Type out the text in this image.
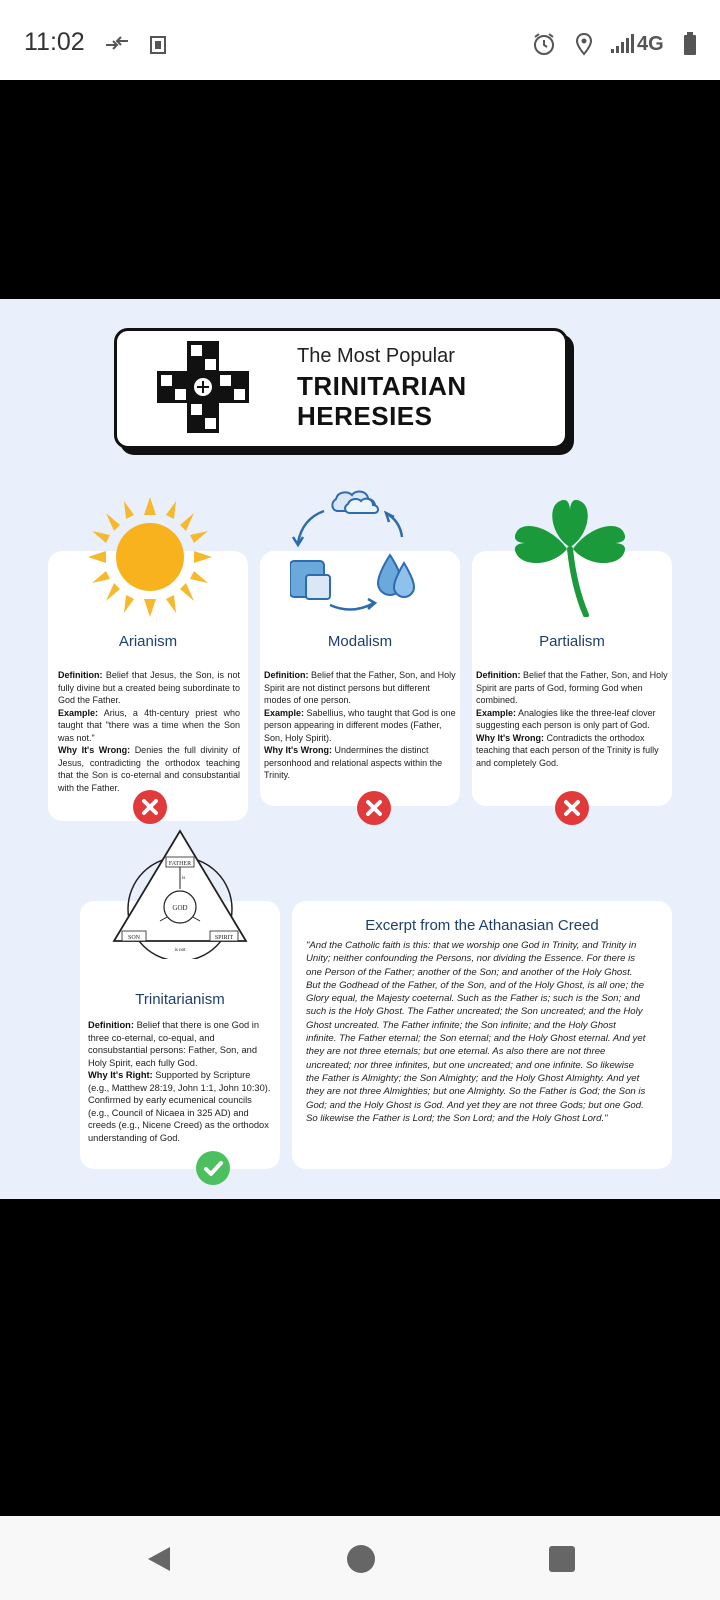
11:02	4G
The Most Popular
TRINITARIAN
HERESIES
Arianism
Definition: Belief that Jesus, the Son, is not fully divine but a created being subordinate to God the Father.
Example: Arius, a 4th-century priest who taught that "there was a time when the Son was not."
Why It's Wrong: Denies the full divinity of Jesus, contradicting the orthodox teaching that the Son is co-eternal and consubstantial with the Father.
Modalism
Definition: Belief that the Father, Son, and Holy Spirit are not distinct persons but different modes of one person.
Example: Sabellius, who taught that God is one person appearing in different modes (Father, Son, Holy Spirit).
Why It's Wrong: Undermines the distinct personhood and relational aspects within the Trinity.
Partialism
Definition: Belief that the Father, Son, and Holy Spirit are parts of God, forming God when combined.
Example: Analogies like the three-leaf clover suggesting each person is only part of God.
Why It's Wrong: Contradicts the orthodox teaching that each person of the Trinity is fully and completely God.
Trinitarianism
Definition: Belief that there is one God in three co-eternal, co-equal, and consubstantial persons: Father, Son, and Holy Spirit, each fully God.
Why It's Right: Supported by Scripture (e.g., Matthew 28:19, John 1:1, John 10:30). Confirmed by early ecumenical councils (e.g., Council of Nicaea in 325 AD) and creeds (e.g., Nicene Creed) as the orthodox understanding of God.
FATHER
SON	SPIRIT
GOD
is
is not
Excerpt from the Athanasian Creed
"And the Catholic faith is this: that we worship one God in Trinity, and Trinity in Unity; neither confounding the Persons, nor dividing the Essence. For there is one Person of the Father; another of the Son; and another of the Holy Ghost. But the Godhead of the Father, of the Son, and of the Holy Ghost, is all one; the Glory equal, the Majesty coeternal. Such as the Father is; such is the Son; and such is the Holy Ghost. The Father uncreated; the Son uncreated; and the Holy Ghost uncreated. The Father infinite; the Son infinite; and the Holy Ghost infinite. The Father eternal; the Son eternal; and the Holy Ghost eternal. And yet they are not three eternals; but one eternal. As also there are not three uncreated; nor three infinites, but one uncreated; and one infinite. So likewise the Father is Almighty; the Son Almighty; and the Holy Ghost Almighty. And yet they are not three Almighties; but one Almighty. So the Father is God; the Son is God; and the Holy Ghost is God. And yet they are not three Gods; but one God. So likewise the Father is Lord; the Son Lord; and the Holy Ghost Lord."
